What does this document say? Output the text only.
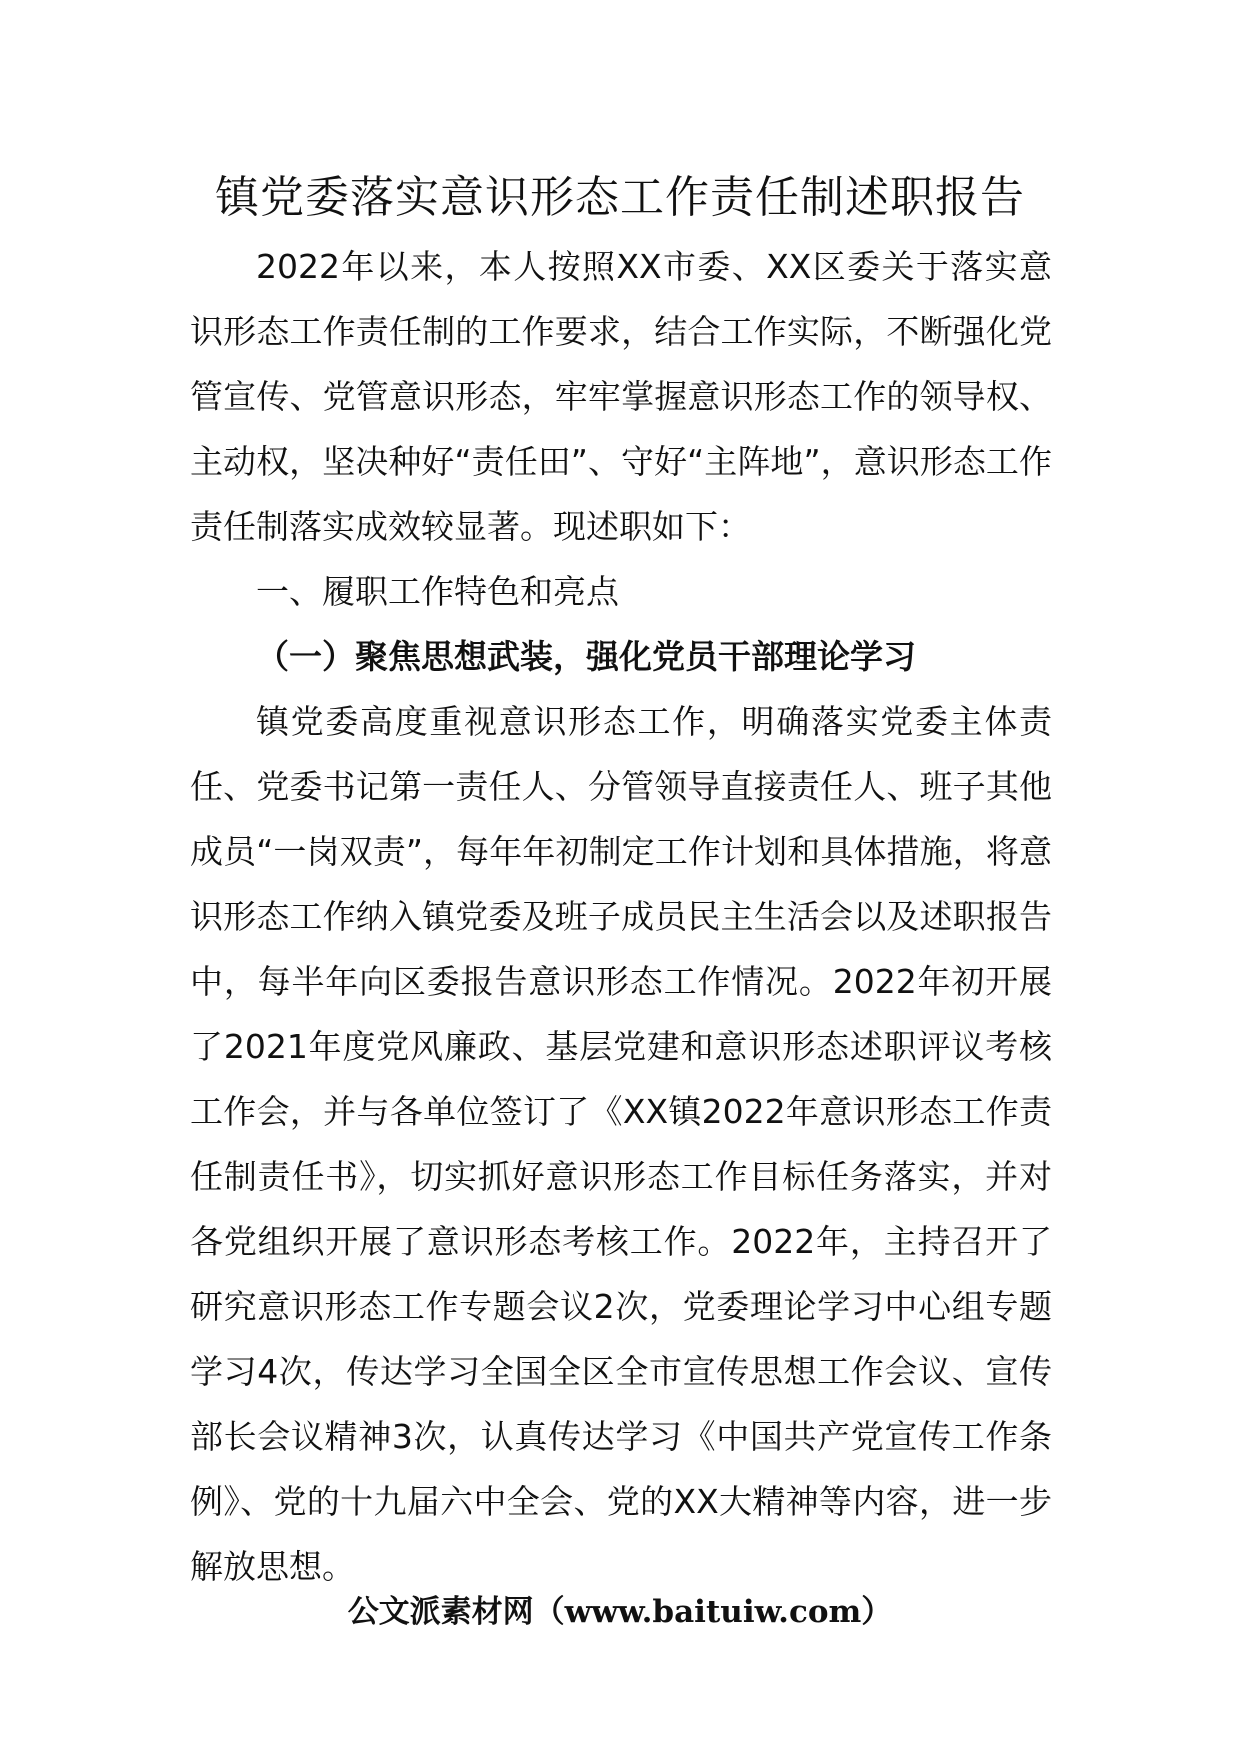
镇党委落实意识形态工作责任制述职报告

2022年以来，本人按照XX市委、XX区委关于落实意识形态工作责任制的工作要求，结合工作实际，不断强化党管宣传、党管意识形态，牢牢掌握意识形态工作的领导权、主动权，坚决种好“责任田”、守好“主阵地”，意识形态工作责任制落实成效较显著。现述职如下：

一、履职工作特色和亮点

（一）聚焦思想武装，强化党员干部理论学习

镇党委高度重视意识形态工作，明确落实党委主体责任、党委书记第一责任人、分管领导直接责任人、班子其他成员“一岗双责”，每年年初制定工作计划和具体措施，将意识形态工作纳入镇党委及班子成员民主生活会以及述职报告中，每半年向区委报告意识形态工作情况。2022年初开展了2021年度党风廉政、基层党建和意识形态述职评议考核工作会，并与各单位签订了《XX镇2022年意识形态工作责任制责任书》，切实抓好意识形态工作目标任务落实，并对各党组织开展了意识形态考核工作。2022年，主持召开了研究意识形态工作专题会议2次，党委理论学习中心组专题学习4次，传达学习全国全区全市宣传思想工作会议、宣传部长会议精神3次，认真传达学习《中国共产党宣传工作条例》、党的十九届六中全会、党的XX大精神等内容，进一步解放思想。

公文派素材网（www.baituiw.com）
